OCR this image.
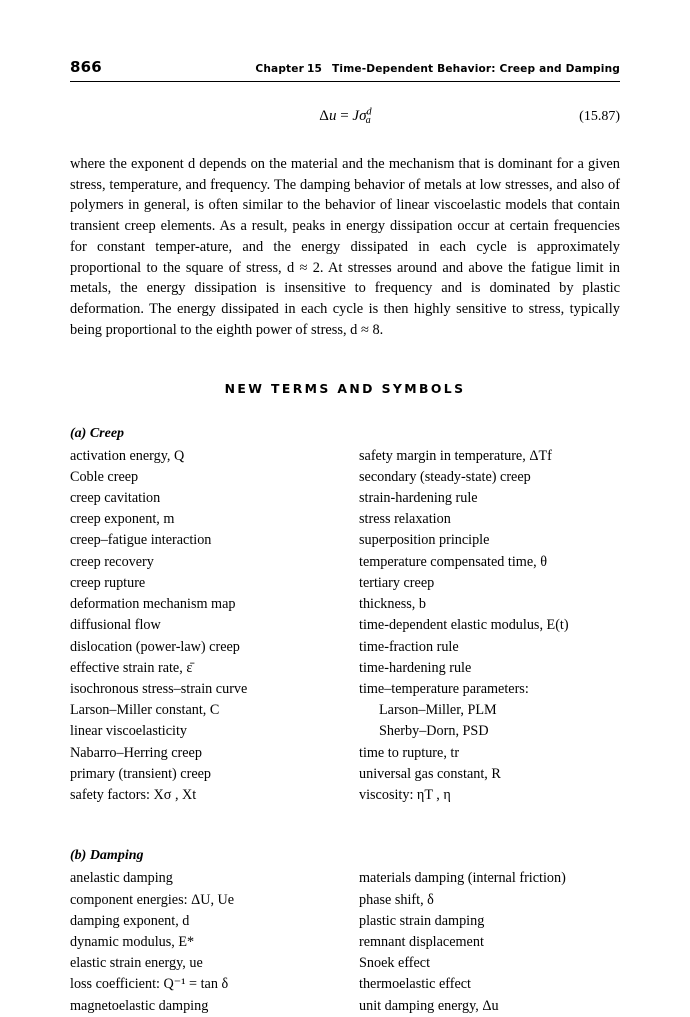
866	Chapter 15 Time-Dependent Behavior: Creep and Damping
$\Delta u = J\sigma^d_a$	(15.87)

where the exponent d depends on the material and the mechanism that is dominant for a given stress, temperature, and frequency. The damping behavior of metals at low stresses, and also of polymers in general, is often similar to the behavior of linear viscoelastic models that contain transient creep elements. As a result, peaks in energy dissipation occur at certain frequencies for constant temper-ature, and the energy dissipated in each cycle is approximately proportional to the square of stress, d ≈ 2. At stresses around and above the fatigue limit in metals, the energy dissipation is insensitive to frequency and is dominated by plastic deformation. The energy dissipated in each cycle is then highly sensitive to stress, typically being proportional to the eighth power of stress, d ≈ 8.

NEW TERMS AND SYMBOLS
(a) Creep
activation energy, Q
Coble creep
creep cavitation
creep exponent, m
creep–fatigue interaction
creep recovery
creep rupture
deformation mechanism map
diffusional flow
dislocation (power-law) creep
effective strain rate, ε̄
isochronous stress–strain curve
Larson–Miller constant, C
linear viscoelasticity
Nabarro–Herring creep
primary (transient) creep
safety factors: Xσ , Xt
safety margin in temperature, ΔTf
secondary (steady-state) creep
strain-hardening rule
stress relaxation
superposition principle
temperature compensated time, θ
tertiary creep
thickness, b
time-dependent elastic modulus, E(t)
time-fraction rule
time-hardening rule
time–temperature parameters:
Larson–Miller, PLM
Sherby–Dorn, PSD
time to rupture, tr
universal gas constant, R
viscosity: ηT , η
(b) Damping
anelastic damping
component energies: ΔU, Ue
damping exponent, d
dynamic modulus, E*
elastic strain energy, ue
loss coefficient: Q⁻¹ = tan δ
magnetoelastic damping
materials damping (internal friction)
phase shift, δ
plastic strain damping
remnant displacement
Snoek effect
thermoelastic effect
unit damping energy, Δu
